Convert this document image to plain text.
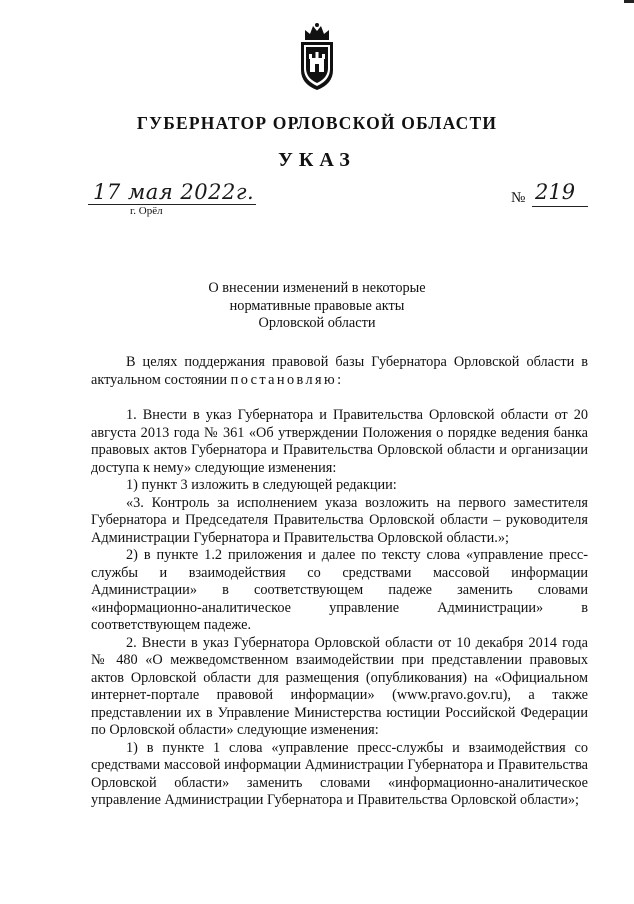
ГУБЕРНАТОР ОРЛОВСКОЙ ОБЛАСТИ
УКАЗ
17 мая 2022г.
г. Орёл
№ 219
О внесении изменений в некоторые
нормативные правовые акты
Орловской области

В целях поддержания правовой базы Губернатора Орловской области в актуальном состоянии постановляю:

1. Внести в указ Губернатора и Правительства Орловской области от 20 августа 2013 года № 361 «Об утверждении Положения о порядке ведения банка правовых актов Губернатора и Правительства Орловской области и организации доступа к нему» следующие изменения:

1) пункт 3 изложить в следующей редакции:

«3. Контроль за исполнением указа возложить на первого заместителя Губернатора и Председателя Правительства Орловской области – руководителя Администрации Губернатора и Правительства Орловской области.»;

2) в пункте 1.2 приложения и далее по тексту слова «управление пресс-службы и взаимодействия со средствами массовой информации Администрации» в соответствующем падеже заменить словами «информационно-аналитическое управление Администрации» в соответствующем падеже.

2. Внести в указ Губернатора Орловской области от 10 декабря 2014 года № 480 «О межведомственном взаимодействии при представлении правовых актов Орловской области для размещения (опубликования) на «Официальном интернет-портале правовой информации» (www.pravo.gov.ru), а также представлении их в Управление Министерства юстиции Российской Федерации по Орловской области» следующие изменения:

1) в пункте 1 слова «управление пресс-службы и взаимодействия со средствами массовой информации Администрации Губернатора и Правительства Орловской области» заменить словами «информационно-аналитическое управление Администрации Губернатора и Правительства Орловской области»;
